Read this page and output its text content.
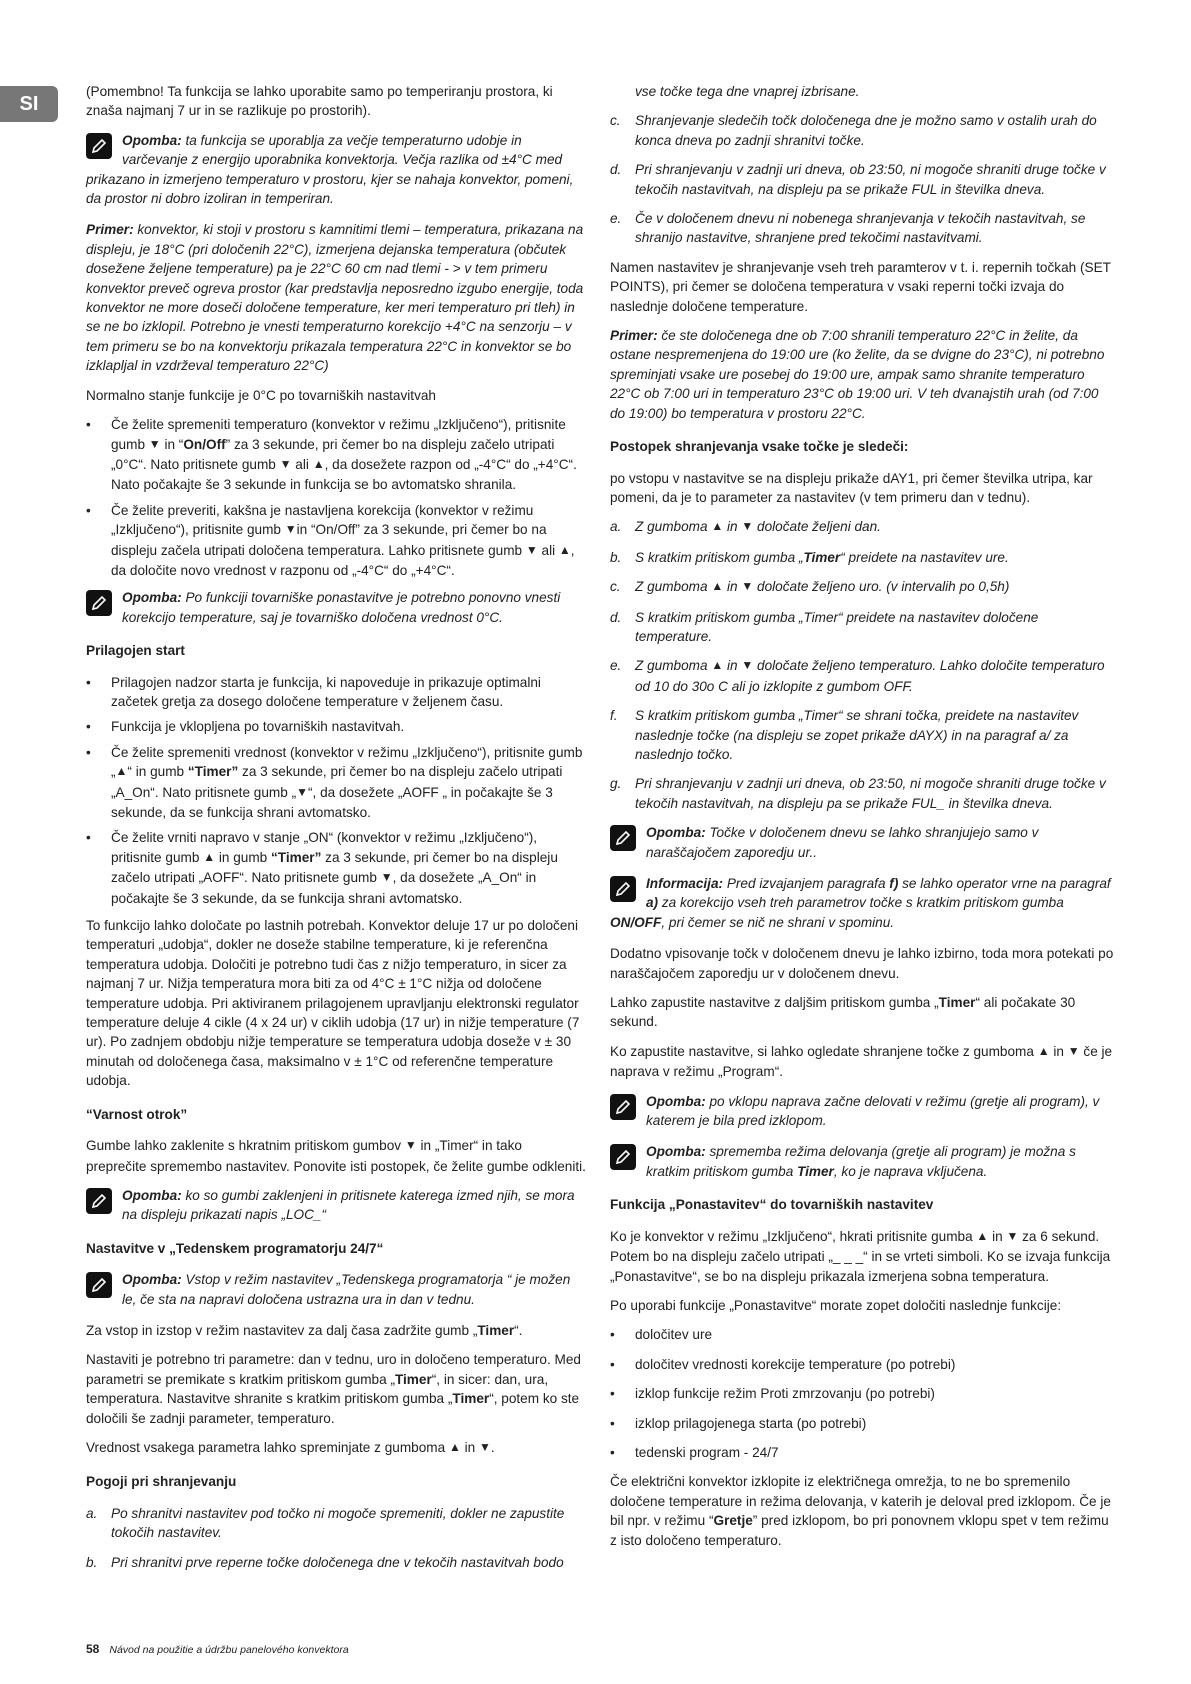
SI

(Pomembno! Ta funkcija se lahko uporabite samo po temperiranju prostora, ki znaša najmanj 7 ur in se razlikuje po prostorih).

Opomba: ta funkcija se uporablja za večje temperaturno udobje in varčevanje z energijo uporabnika konvektorja. Večja razlika od ±4°C med prikazano in izmerjeno temperaturo v prostoru, kjer se nahaja konvektor, pomeni, da prostor ni dobro izoliran in temperiran.

Primer: konvektor, ki stoji v prostoru s kamnitimi tlemi – temperatura, prikazana na displeju, je 18°C (pri določenih 22°C), izmerjena dejanska temperatura (občutek dosežene željene temperature) pa je 22°C 60 cm nad tlemi - > v tem primeru konvektor preveč ogreva prostor (kar predstavlja neposredno izgubo energije, toda konvektor ne more doseči določene temperature, ker meri temperaturo pri tleh) in se ne bo izklopil. Potrebno je vnesti temperaturno korekcijo +4°C na senzorju – v tem primeru se bo na konvektorju prikazala temperatura 22°C in konvektor se bo izklapljal in vzdrževal temperaturo 22°C)

Normalno stanje funkcije je 0°C po tovarniških nastavitvah

• Če želite spremeniti temperaturo (konvektor v režimu „Izključeno“), pritisnite gumb ▼ in “On/Off” za 3 sekunde, pri čemer bo na displeju začelo utripati „0°C“. Nato pritisnete gumb ▼ ali ▲, da dosežete razpon od „-4°C“ do „+4°C“. Nato počakajte še 3 sekunde in funkcija se bo avtomatsko shranila.
• Če želite preveriti, kakšna je nastavljena korekcija (konvektor v režimu „Izključeno“), pritisnite gumb ▼in “On/Off” za 3 sekunde, pri čemer bo na displeju začela utripati določena temperatura. Lahko pritisnete gumb ▼ ali ▲, da določite novo vrednost v razponu od „-4°C“ do „+4°C“.
Opomba: Po funkciji tovarniške ponastavitve je potrebno ponovno vnesti korekcijo temperature, saj je tovarniško določena vrednost 0°C.
Prilagojen start
• Prilagojen nadzor starta je funkcija, ki napoveduje in prikazuje optimalni začetek gretja za dosego določene temperature v željenem času.
• Funkcija je vklopljena po tovarniških nastavitvah.
• Če želite spremeniti vrednost (konvektor v režimu „Izključeno“), pritisnite gumb „▲“ in gumb “Timer” za 3 sekunde, pri čemer bo na displeju začelo utripati „A_On“. Nato pritisnete gumb „▼“, da dosežete „AOFF „ in počakajte še 3 sekunde, da se funkcija shrani avtomatsko.
• Če želite vrniti napravo v stanje „ON“ (konvektor v režimu „Izključeno“), pritisnite gumb ▲ in gumb “Timer” za 3 sekunde, pri čemer bo na displeju začelo utripati „AOFF“. Nato pritisnete gumb ▼, da dosežete „A_On“ in počakajte še 3 sekunde, da se funkcija shrani avtomatsko.

To funkcijo lahko določate po lastnih potrebah. Konvektor deluje 17 ur po določeni temperaturi „udobja“, dokler ne doseže stabilne temperature, ki je referenčna temperatura udobja. Določiti je potrebno tudi čas z nižjo temperaturo, in sicer za najmanj 7 ur. Nižja temperatura mora biti za od 4°C ± 1°C nižja od določene temperature udobja. Pri aktiviranem prilagojenem upravljanju elektronski regulator temperature deluje 4 cikle (4 x 24 ur) v ciklih udobja (17 ur) in nižje temperature (7 ur). Po zadnjem obdobju nižje temperature se temperatura udobja doseže v ± 30 minutah od določenega časa, maksimalno v ± 1°C od referenčne temperature udobja.

“Varnost otrok”

Gumbe lahko zaklenite s hkratnim pritiskom gumbov ▼ in „Timer“ in tako preprečite spremembo nastavitev. Ponovite isti postopek, če želite gumbe odkleniti.

Opomba: ko so gumbi zaklenjeni in pritisnete katerega izmed njih, se mora na displeju prikazati napis „LOC_“
Nastavitve v „Tedenskem programatorju 24/7“
Opomba: Vstop v režim nastavitev „Tedenskega programatorja “ je možen le, če sta na napravi določena ustrazna ura in dan v tednu.

Za vstop in izstop v režim nastavitev za dalj časa zadržite gumb „Timer“.

Nastaviti je potrebno tri parametre: dan v tednu, uro in določeno temperaturo. Med parametri se premikate s kratkim pritiskom gumba „Timer“, in sicer: dan, ura, temperatura. Nastavitve shranite s kratkim pritiskom gumba „Timer“, potem ko ste določili še zadnji parameter, temperaturo.

Vrednost vsakega parametra lahko spreminjate z gumboma ▲ in ▼.

Pogoji pri shranjevanju
a. Po shranitvi nastavitev pod točko ni mogoče spremeniti, dokler ne zapustite tokočih nastavitev.
b. Pri shranitvi prve reperne točke določenega dne v tekočih nastavitvah bodo
vse točke tega dne vnaprej izbrisane.
c. Shranjevanje sledečih točk določenega dne je možno samo v ostalih urah do konca dneva po zadnji shranitvi točke.
d. Pri shranjevanju v zadnji uri dneva, ob 23:50, ni mogoče shraniti druge točke v tekočih nastavitvah, na displeju pa se prikaže FUL in številka dneva.
e. Če v določenem dnevu ni nobenega shranjevanja v tekočih nastavitvah, se shranijo nastavitve, shranjene pred tekočimi nastavitvami.

Namen nastavitev je shranjevanje vseh treh paramterov v t. i. repernih točkah (SET POINTS), pri čemer se določena temperatura v vsaki reperni točki izvaja do naslednje določene temperature.

Primer: če ste določenega dne ob 7:00 shranili temperaturo 22°C in želite, da ostane nespremenjena do 19:00 ure (ko želite, da se dvigne do 23°C), ni potrebno spreminjati vsake ure posebej do 19:00 ure, ampak samo shranite temperaturo 22°C ob 7:00 uri in temperaturo 23°C ob 19:00 uri. V teh dvanajstih urah (od 7:00 do 19:00) bo temperatura v prostoru 22°C.

Postopek shranjevanja vsake točke je sledeči:

po vstopu v nastavitve se na displeju prikaže dAY1, pri čemer številka utripa, kar pomeni, da je to parameter za nastavitev (v tem primeru dan v tednu).

a. Z gumboma ▲ in ▼ določate željeni dan.
b. S kratkim pritiskom gumba „Timer“ preidete na nastavitev ure.
c. Z gumboma ▲ in ▼ določate željeno uro. (v intervalih po 0,5h)
d. S kratkim pritiskom gumba „Timer“ preidete na nastavitev določene temperature.
e. Z gumboma ▲ in ▼ določate željeno temperaturo. Lahko določite temperaturo od 10 do 30o C ali jo izklopite z gumbom OFF.
f. S kratkim pritiskom gumba „Timer“ se shrani točka, preidete na nastavitev naslednje točke (na displeju se zopet prikaže dAYX) in na paragraf a/ za naslednjo točko.
g. Pri shranjevanju v zadnji uri dneva, ob 23:50, ni mogoče shraniti druge točke v tekočih nastavitvah, na displeju pa se prikaže FUL_ in številka dneva.
Opomba: Točke v določenem dnevu se lahko shranjujejo samo v naraščajočem zaporedju ur..
Informacija: Pred izvajanjem paragrafa f) se lahko operator vrne na paragraf a) za korekcijo vseh treh parametrov točke s kratkim pritiskom gumba ON/OFF, pri čemer se nič ne shrani v spominu.

Dodatno vpisovanje točk v določenem dnevu je lahko izbirno, toda mora potekati po naraščajočem zaporedju ur v določenem dnevu.

Lahko zapustite nastavitve z daljšim pritiskom gumba „Timer“ ali počakate 30 sekund.

Ko zapustite nastavitve, si lahko ogledate shranjene točke z gumboma ▲ in ▼ če je naprava v režimu „Program“.

Opomba: po vklopu naprava začne delovati v režimu (gretje ali program), v katerem je bila pred izklopom.
Opomba: sprememba režima delovanja (gretje ali program) je možna s kratkim pritiskom gumba Timer, ko je naprava vključena.
Funkcija „Ponastavitev“ do tovarniških nastavitev

Ko je konvektor v režimu „Izključeno“, hkrati pritisnite gumba ▲ in ▼ za 6 sekund. Potem bo na displeju začelo utripati „_ _ _“ in se vrteti simboli. Ko se izvaja funkcija „Ponastavitve“, se bo na displeju prikazala izmerjena sobna temperatura.

Po uporabi funkcije „Ponastavitve“ morate zopet določiti naslednje funkcije:

• določitev ure
• določitev vrednosti korekcije temperature (po potrebi)
• izklop funkcije režim Proti zmrzovanju (po potrebi)
• izklop prilagojenega starta (po potrebi)
• tedenski program - 24/7

Če električni konvektor izklopite iz električnega omrežja, to ne bo spremenilo določene temperature in režima delovanja, v katerih je deloval pred izklopom. Če je bil npr. v režimu “Gretje” pred izklopom, bo pri ponovnem vklopu spet v tem režimu z isto določeno temperaturo.

58 Návod na použitie a údržbu panelového konvektora
